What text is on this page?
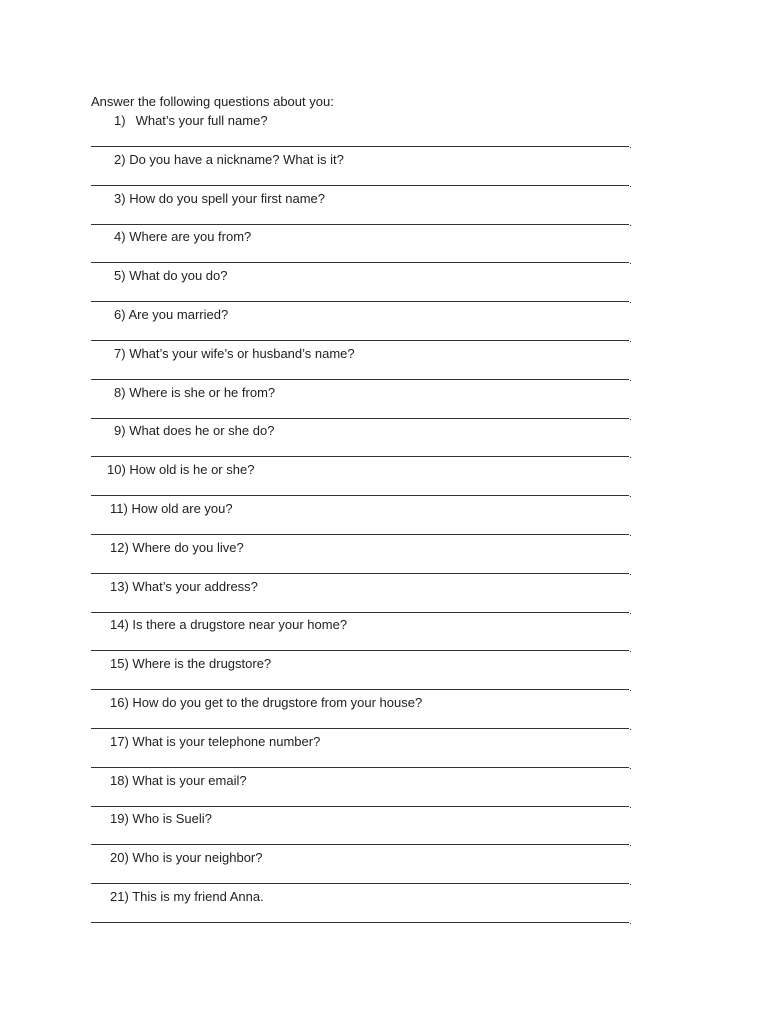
Answer the following questions about you:
1) What’s your full name?
.
2) Do you have a nickname? What is it?
.
3) How do you spell your first name?
.
4) Where are you from?
.
5) What do you do?
.
6) Are you married?
.
7) What’s your wife’s or husband’s name?
.
8) Where is she or he from?
.
9) What does he or she do?
.
10) How old is he or she?
.
11) How old are you?
.
12) Where do you live?
.
13) What’s your address?
.
14) Is there a drugstore near your home?
.
15) Where is the drugstore?
.
16) How do you get to the drugstore from your house?
.
17) What is your telephone number?
.
18) What is your email?
.
19) Who is Sueli?
.
20) Who is your neighbor?
.
21) This is my friend Anna.
.
